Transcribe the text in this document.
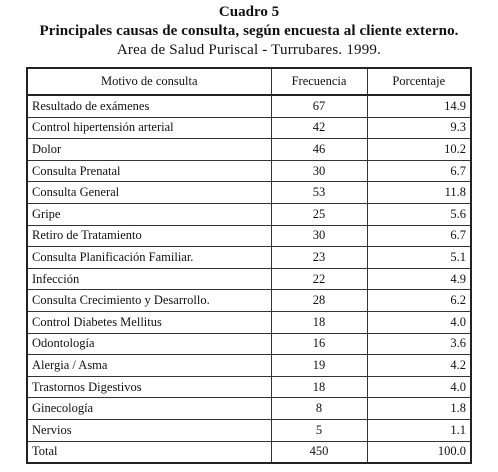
Cuadro 5
Principales causas de consulta, según encuesta al cliente externo.
Area de Salud Puriscal - Turrubares. 1999.
Motivo de consulta	Frecuencia	Porcentaje
Resultado de exámenes	67	14.9
Control hipertensión arterial	42	9.3
Dolor	46	10.2
Consulta Prenatal	30	6.7
Consulta General	53	11.8
Gripe	25	5.6
Retiro de Tratamiento	30	6.7
Consulta Planificación Familiar.	23	5.1
Infección	22	4.9
Consulta Crecimiento y Desarrollo.	28	6.2
Control Diabetes Mellitus	18	4.0
Odontología	16	3.6
Alergia / Asma	19	4.2
Trastornos Digestivos	18	4.0
Ginecología	8	1.8
Nervios	5	1.1
Total	450	100.0
